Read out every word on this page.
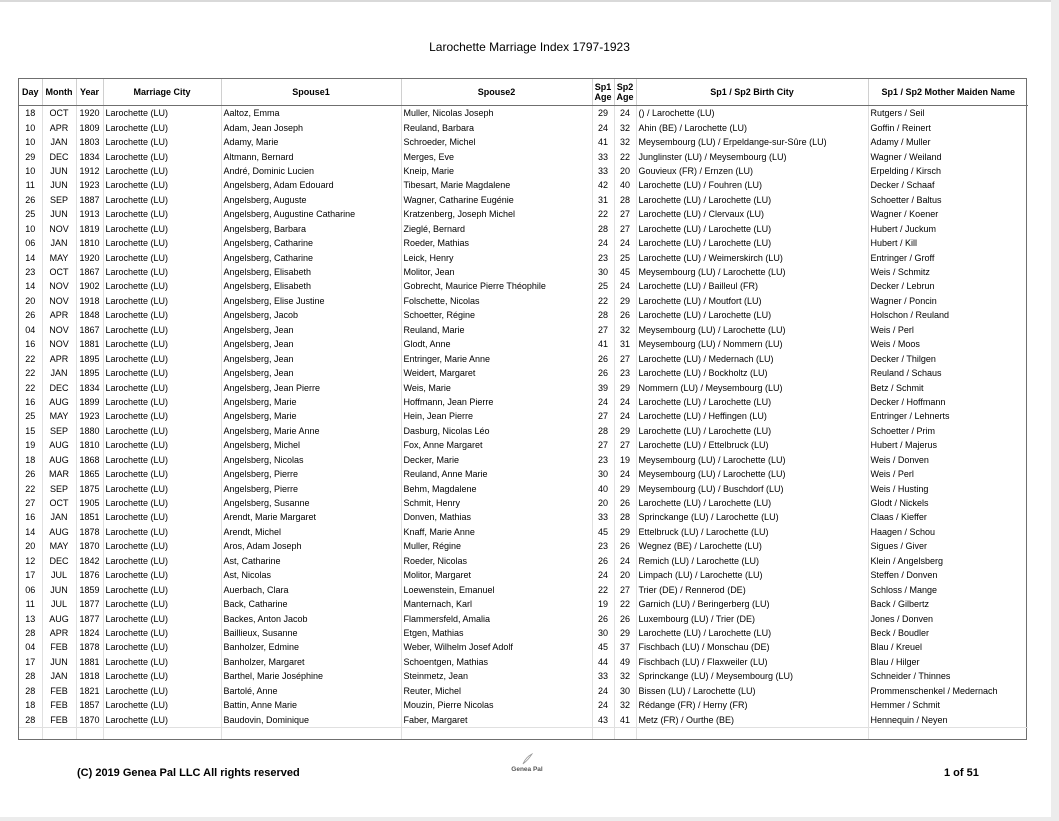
Larochette Marriage Index 1797-1923
Day	Month	Year	Marriage City	Spouse1	Spouse2	Sp1 Age	Sp2 Age	Sp1 / Sp2 Birth City	Sp1 / Sp2 Mother Maiden Name
18	OCT	1920	Larochette (LU)	Aaltoz, Emma	Muller, Nicolas Joseph	29	24	() / Larochette (LU)	Rutgers / Seil
10	APR	1809	Larochette (LU)	Adam, Jean Joseph	Reuland, Barbara	24	32	Ahin (BE) / Larochette (LU)	Goffin / Reinert
10	JAN	1803	Larochette (LU)	Adamy, Marie	Schroeder, Michel	41	32	Meysembourg (LU) / Erpeldange-sur-Sûre (LU)	Adamy / Muller
29	DEC	1834	Larochette (LU)	Altmann, Bernard	Merges, Eve	33	22	Junglinster (LU) / Meysembourg (LU)	Wagner / Weiland
10	JUN	1912	Larochette (LU)	André, Dominic Lucien	Kneip, Marie	33	20	Gouvieux (FR) / Ernzen (LU)	Erpelding / Kirsch
11	JUN	1923	Larochette (LU)	Angelsberg, Adam Edouard	Tibesart, Marie Magdalene	42	40	Larochette (LU) / Fouhren (LU)	Decker / Schaaf
26	SEP	1887	Larochette (LU)	Angelsberg, Auguste	Wagner, Catharine Eugénie	31	28	Larochette (LU) / Larochette (LU)	Schoetter / Baltus
25	JUN	1913	Larochette (LU)	Angelsberg, Augustine Catharine	Kratzenberg, Joseph Michel	22	27	Larochette (LU) / Clervaux (LU)	Wagner / Koener
10	NOV	1819	Larochette (LU)	Angelsberg, Barbara	Zieglé, Bernard	28	27	Larochette (LU) / Larochette (LU)	Hubert / Juckum
06	JAN	1810	Larochette (LU)	Angelsberg, Catharine	Roeder, Mathias	24	24	Larochette (LU) / Larochette (LU)	Hubert / Kill
14	MAY	1920	Larochette (LU)	Angelsberg, Catharine	Leick, Henry	23	25	Larochette (LU) / Weimerskirch (LU)	Entringer / Groff
23	OCT	1867	Larochette (LU)	Angelsberg, Elisabeth	Molitor, Jean	30	45	Meysembourg (LU) / Larochette (LU)	Weis / Schmitz
14	NOV	1902	Larochette (LU)	Angelsberg, Elisabeth	Gobrecht, Maurice Pierre Théophile	25	24	Larochette (LU) / Bailleul (FR)	Decker / Lebrun
20	NOV	1918	Larochette (LU)	Angelsberg, Elise Justine	Folschette, Nicolas	22	29	Larochette (LU) / Moutfort (LU)	Wagner / Poncin
26	APR	1848	Larochette (LU)	Angelsberg, Jacob	Schoetter, Régine	28	26	Larochette (LU) / Larochette (LU)	Holschon / Reuland
04	NOV	1867	Larochette (LU)	Angelsberg, Jean	Reuland, Marie	27	32	Meysembourg (LU) / Larochette (LU)	Weis / Perl
16	NOV	1881	Larochette (LU)	Angelsberg, Jean	Glodt, Anne	41	31	Meysembourg (LU) / Nommern (LU)	Weis / Moos
22	APR	1895	Larochette (LU)	Angelsberg, Jean	Entringer, Marie Anne	26	27	Larochette (LU) / Medernach (LU)	Decker / Thilgen
22	JAN	1895	Larochette (LU)	Angelsberg, Jean	Weidert, Margaret	26	23	Larochette (LU) / Bockholtz (LU)	Reuland / Schaus
22	DEC	1834	Larochette (LU)	Angelsberg, Jean Pierre	Weis, Marie	39	29	Nommern (LU) / Meysembourg (LU)	Betz / Schmit
16	AUG	1899	Larochette (LU)	Angelsberg, Marie	Hoffmann, Jean Pierre	24	24	Larochette (LU) / Larochette (LU)	Decker / Hoffmann
25	MAY	1923	Larochette (LU)	Angelsberg, Marie	Hein, Jean Pierre	27	24	Larochette (LU) / Heffingen (LU)	Entringer / Lehnerts
15	SEP	1880	Larochette (LU)	Angelsberg, Marie Anne	Dasburg, Nicolas Léo	28	29	Larochette (LU) / Larochette (LU)	Schoetter / Prim
19	AUG	1810	Larochette (LU)	Angelsberg, Michel	Fox, Anne Margaret	27	27	Larochette (LU) / Ettelbruck (LU)	Hubert / Majerus
18	AUG	1868	Larochette (LU)	Angelsberg, Nicolas	Decker, Marie	23	19	Meysembourg (LU) / Larochette (LU)	Weis / Donven
26	MAR	1865	Larochette (LU)	Angelsberg, Pierre	Reuland, Anne Marie	30	24	Meysembourg (LU) / Larochette (LU)	Weis / Perl
22	SEP	1875	Larochette (LU)	Angelsberg, Pierre	Behm, Magdalene	40	29	Meysembourg (LU) / Buschdorf (LU)	Weis / Husting
27	OCT	1905	Larochette (LU)	Angelsberg, Susanne	Schmit, Henry	20	26	Larochette (LU) / Larochette (LU)	Glodt / Nickels
16	JAN	1851	Larochette (LU)	Arendt, Marie Margaret	Donven, Mathias	33	28	Sprinckange (LU) / Larochette (LU)	Claas / Kieffer
14	AUG	1878	Larochette (LU)	Arendt, Michel	Knaff, Marie Anne	45	29	Ettelbruck (LU) / Larochette (LU)	Haagen / Schou
20	MAY	1870	Larochette (LU)	Aros, Adam Joseph	Muller, Régine	23	26	Wegnez (BE) / Larochette (LU)	Sigues / Giver
12	DEC	1842	Larochette (LU)	Ast, Catharine	Roeder, Nicolas	26	24	Remich (LU) / Larochette (LU)	Klein / Angelsberg
17	JUL	1876	Larochette (LU)	Ast, Nicolas	Molitor, Margaret	24	20	Limpach (LU) / Larochette (LU)	Steffen / Donven
06	JUN	1859	Larochette (LU)	Auerbach, Clara	Loewenstein, Emanuel	22	27	Trier (DE) / Rennerod (DE)	Schloss / Mange
11	JUL	1877	Larochette (LU)	Back, Catharine	Manternach, Karl	19	22	Garnich (LU) / Beringerberg (LU)	Back / Gilbertz
13	AUG	1877	Larochette (LU)	Backes, Anton Jacob	Flammersfeld, Amalia	26	26	Luxembourg (LU) / Trier (DE)	Jones / Donven
28	APR	1824	Larochette (LU)	Baillieux, Susanne	Etgen, Mathias	30	29	Larochette (LU) / Larochette (LU)	Beck / Boudler
04	FEB	1878	Larochette (LU)	Banholzer, Edmine	Weber, Wilhelm Josef Adolf	45	37	Fischbach (LU) / Monschau (DE)	Blau / Kreuel
17	JUN	1881	Larochette (LU)	Banholzer, Margaret	Schoentgen, Mathias	44	49	Fischbach (LU) / Flaxweiler (LU)	Blau / Hilger
28	JAN	1818	Larochette (LU)	Barthel, Marie Joséphine	Steinmetz, Jean	33	32	Sprinckange (LU) / Meysembourg (LU)	Schneider / Thinnes
28	FEB	1821	Larochette (LU)	Bartolé, Anne	Reuter, Michel	24	30	Bissen (LU) / Larochette (LU)	Prommenschenkel / Medernach
18	FEB	1857	Larochette (LU)	Battin, Anne Marie	Mouzin, Pierre Nicolas	24	32	Rédange (FR) / Herny (FR)	Hemmer / Schmit
28	FEB	1870	Larochette (LU)	Baudovin, Dominique	Faber, Margaret	43	41	Metz (FR) / Ourthe (BE)	Hennequin / Neyen

(C) 2019 Genea Pal LLC All rights reserved	Genea Pal	1 of 51
